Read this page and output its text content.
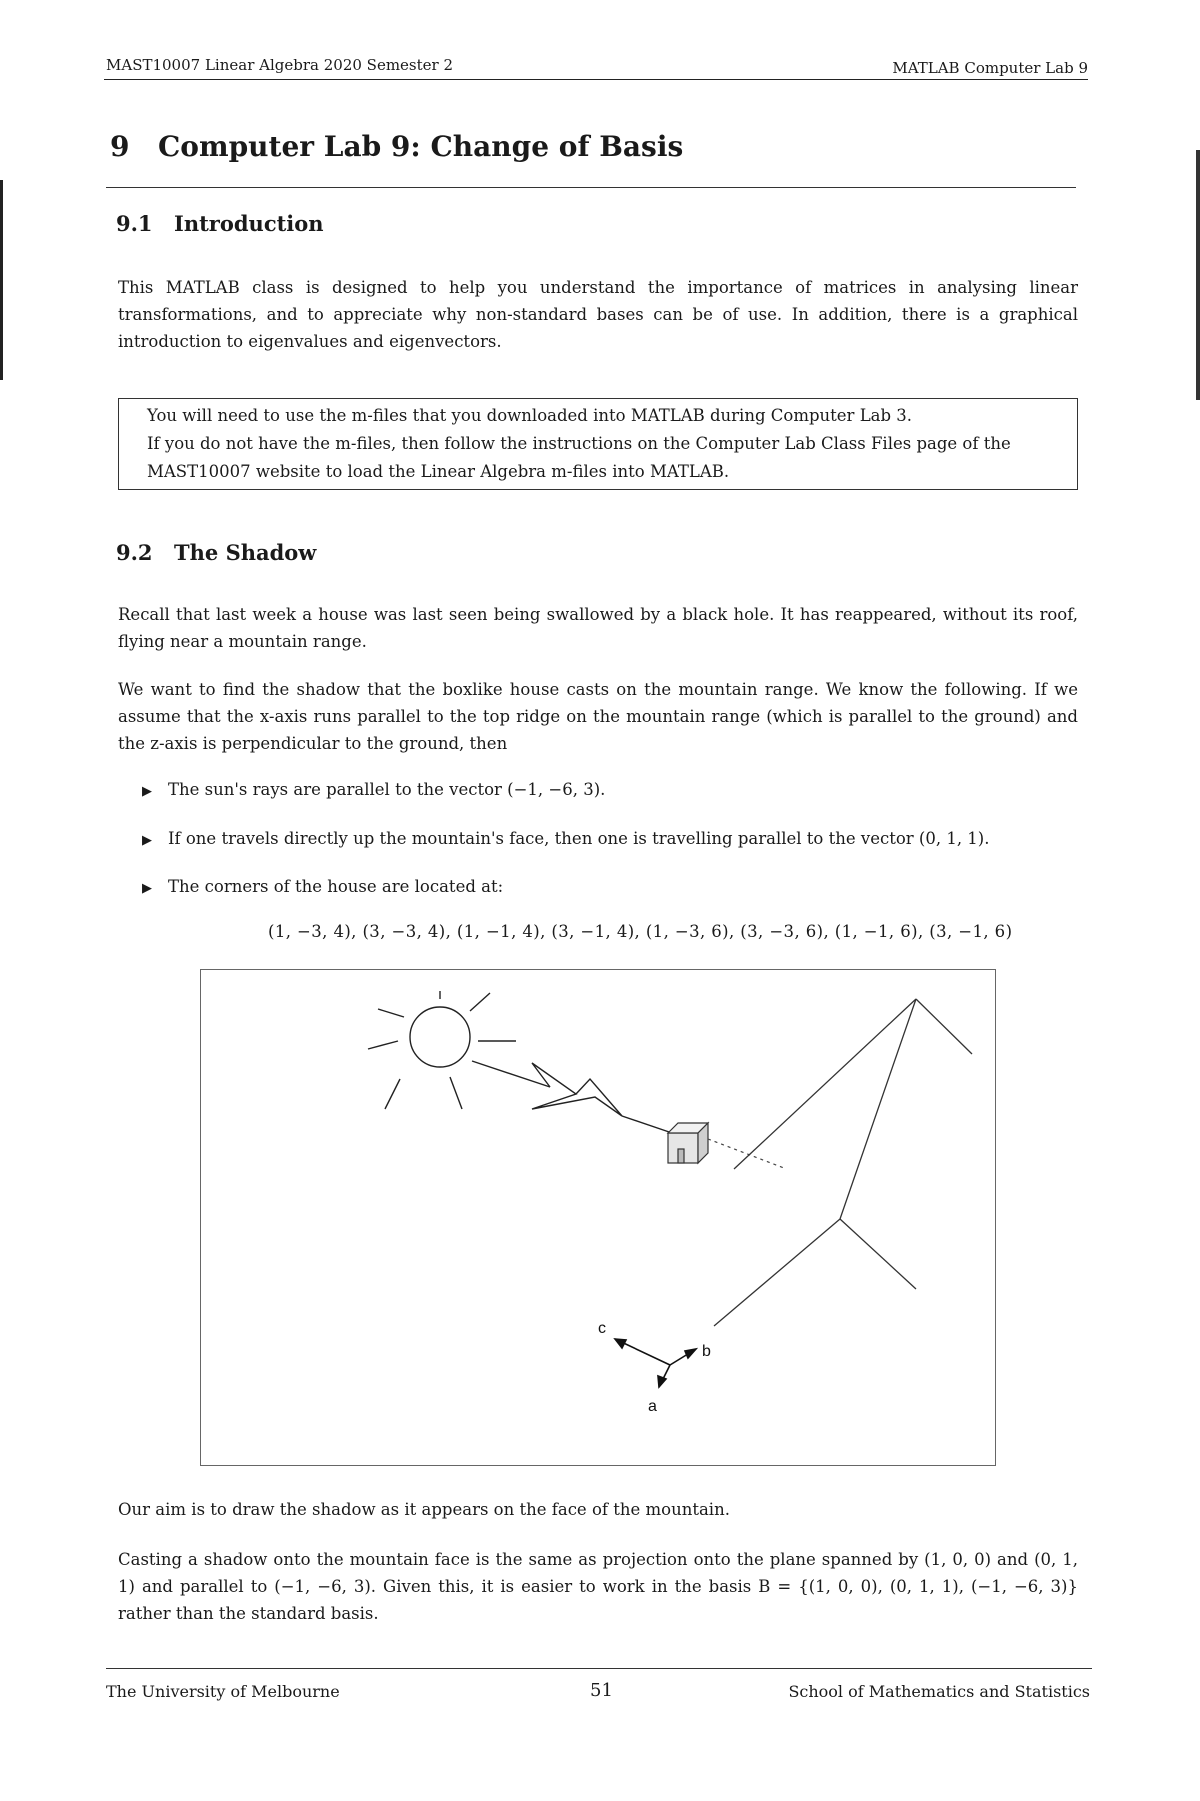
MAST10007 Linear Algebra 2020 Semester 2	MATLAB Computer Lab 9
9 Computer Lab 9: Change of Basis
9.1 Introduction
This MATLAB class is designed to help you understand the importance of matrices in analysing linear transformations, and to appreciate why non-standard bases can be of use. In addition, there is a graphical introduction to eigenvalues and eigenvectors.
You will need to use the m-files that you downloaded into MATLAB during Computer Lab 3.
If you do not have the m-files, then follow the instructions on the Computer Lab Class Files page of the MAST10007 website to load the Linear Algebra m-files into MATLAB.
9.2 The Shadow
Recall that last week a house was last seen being swallowed by a black hole. It has reappeared, without its roof, flying near a mountain range.
We want to find the shadow that the boxlike house casts on the mountain range. We know the following. If we assume that the x-axis runs parallel to the top ridge on the mountain range (which is parallel to the ground) and the z-axis is perpendicular to the ground, then
▶ The sun's rays are parallel to the vector (−1, −6, 3).
▶ If one travels directly up the mountain's face, then one is travelling parallel to the vector (0, 1, 1).
▶ The corners of the house are located at:
(1, −3, 4), (3, −3, 4), (1, −1, 4), (3, −1, 4), (1, −3, 6), (3, −3, 6), (1, −1, 6), (3, −1, 6)
c
b
a
Our aim is to draw the shadow as it appears on the face of the mountain.
Casting a shadow onto the mountain face is the same as projection onto the plane spanned by (1, 0, 0) and (0, 1, 1) and parallel to (−1, −6, 3). Given this, it is easier to work in the basis B = {(1, 0, 0), (0, 1, 1), (−1, −6, 3)} rather than the standard basis.
The University of Melbourne	51	School of Mathematics and Statistics
